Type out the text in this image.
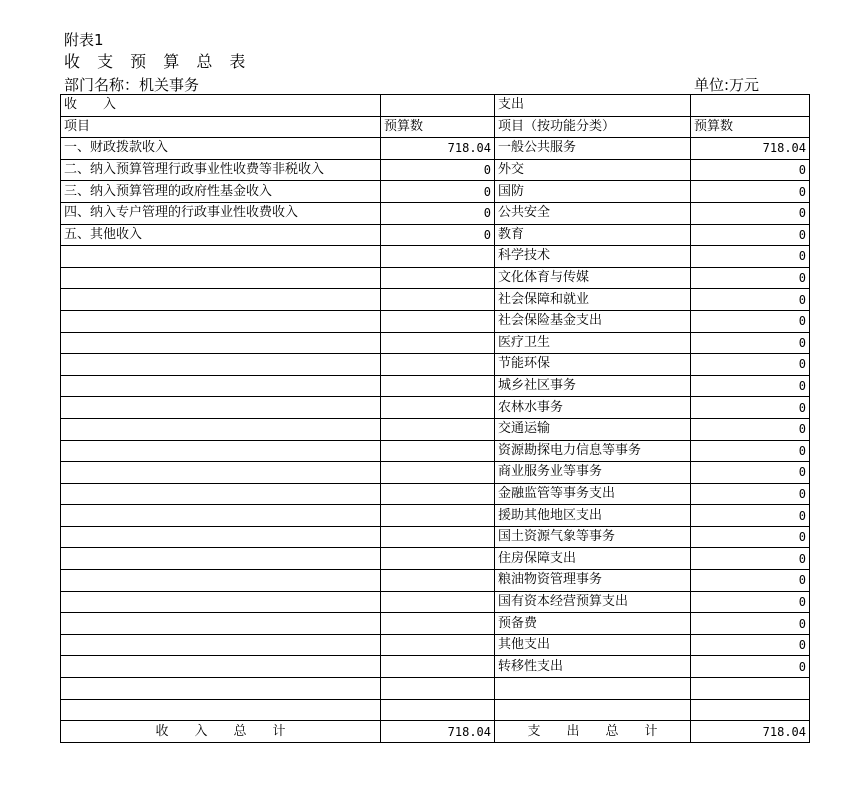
附表1
收 支 预 算 总 表
部门名称：机关事务	单位:万元
收　　入		支出	
项目	预算数	项目（按功能分类）	预算数
一、财政拨款收入	718.04	一般公共服务	718.04
二、纳入预算管理行政事业性收费等非税收入	0	外交	0
三、纳入预算管理的政府性基金收入	0	国防	0
四、纳入专户管理的行政事业性收费收入	0	公共安全	0
五、其他收入	0	教育	0
		科学技术	0
		文化体育与传媒	0
		社会保障和就业	0
		社会保险基金支出	0
		医疗卫生	0
		节能环保	0
		城乡社区事务	0
		农林水事务	0
		交通运输	0
		资源勘探电力信息等事务	0
		商业服务业等事务	0
		金融监管等事务支出	0
		援助其他地区支出	0
		国土资源气象等事务	0
		住房保障支出	0
		粮油物资管理事务	0
		国有资本经营预算支出	0
		预备费	0
		其他支出	0
		转移性支出	0

收　　入　　总　　计	718.04	支　　出　　总　　计	718.04
